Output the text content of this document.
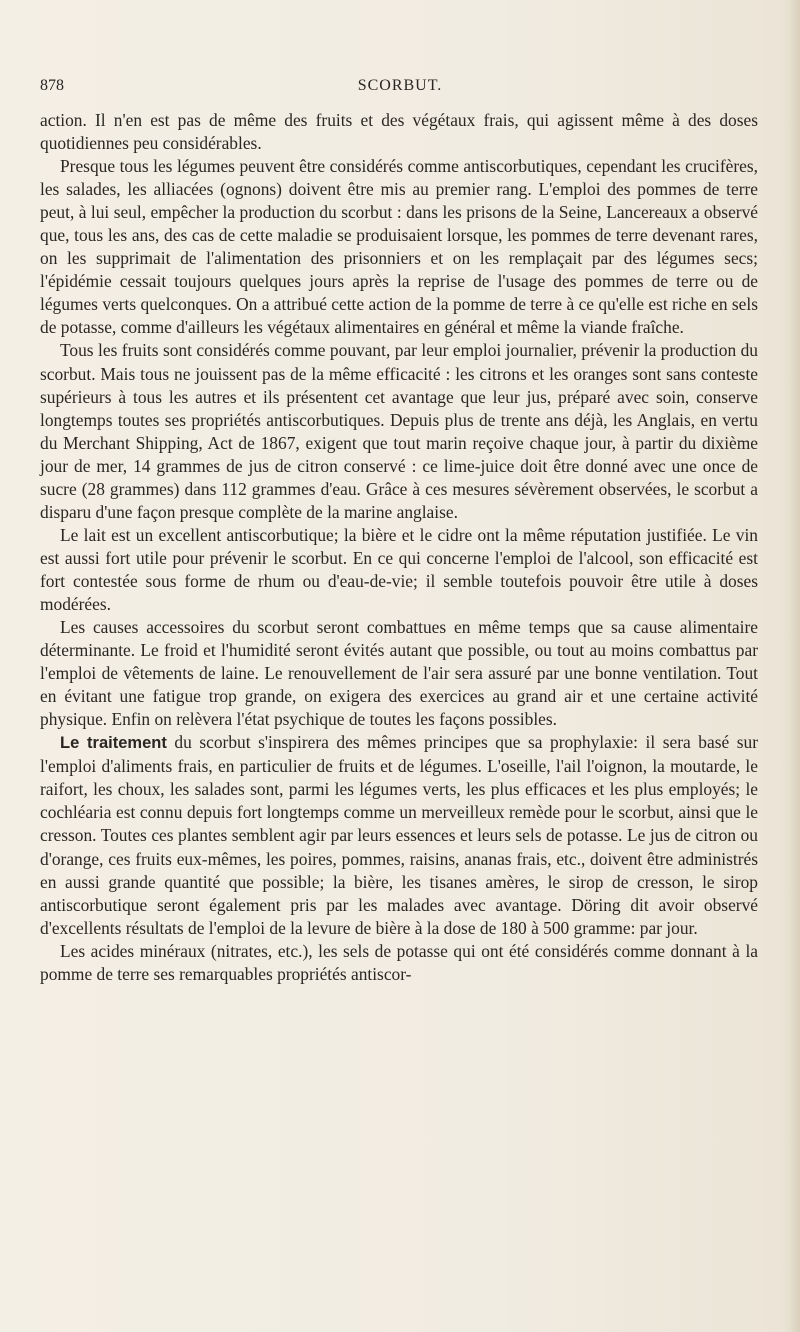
878	SCORBUT.

action. Il n'en est pas de même des fruits et des végétaux frais, qui agissent même à des doses quotidiennes peu considérables.

Presque tous les légumes peuvent être considérés comme antiscorbutiques, cependant les crucifères, les salades, les alliacées (ognons) doivent être mis au premier rang. L'emploi des pommes de terre peut, à lui seul, empêcher la production du scorbut : dans les prisons de la Seine, Lancereaux a observé que, tous les ans, des cas de cette maladie se produisaient lorsque, les pommes de terre devenant rares, on les supprimait de l'alimentation des prisonniers et on les remplaçait par des légumes secs; l'épidémie cessait toujours quelques jours après la reprise de l'usage des pommes de terre ou de légumes verts quelconques. On a attribué cette action de la pomme de terre à ce qu'elle est riche en sels de potasse, comme d'ailleurs les végétaux alimentaires en général et même la viande fraîche.

Tous les fruits sont considérés comme pouvant, par leur emploi journalier, prévenir la production du scorbut. Mais tous ne jouissent pas de la même efficacité : les citrons et les oranges sont sans conteste supérieurs à tous les autres et ils présentent cet avantage que leur jus, préparé avec soin, conserve longtemps toutes ses propriétés antiscorbutiques. Depuis plus de trente ans déjà, les Anglais, en vertu du Merchant Shipping, Act de 1867, exigent que tout marin reçoive chaque jour, à partir du dixième jour de mer, 14 grammes de jus de citron conservé : ce lime-juice doit être donné avec une once de sucre (28 grammes) dans 112 grammes d'eau. Grâce à ces mesures sévèrement observées, le scorbut a disparu d'une façon presque complète de la marine anglaise.

Le lait est un excellent antiscorbutique; la bière et le cidre ont la même réputation justifiée. Le vin est aussi fort utile pour prévenir le scorbut. En ce qui concerne l'emploi de l'alcool, son efficacité est fort contestée sous forme de rhum ou d'eau-de-vie; il semble toutefois pouvoir être utile à doses modérées.

Les causes accessoires du scorbut seront combattues en même temps que sa cause alimentaire déterminante. Le froid et l'humidité seront évités autant que possible, ou tout au moins combattus par l'emploi de vêtements de laine. Le renouvellement de l'air sera assuré par une bonne ventilation. Tout en évitant une fatigue trop grande, on exigera des exercices au grand air et une certaine activité physique. Enfin on relèvera l'état psychique de toutes les façons possibles.

Le traitement du scorbut s'inspirera des mêmes principes que sa prophylaxie: il sera basé sur l'emploi d'aliments frais, en particulier de fruits et de légumes. L'oseille, l'ail l'oignon, la moutarde, le raifort, les choux, les salades sont, parmi les légumes verts, les plus efficaces et les plus employés; le cochléaria est connu depuis fort longtemps comme un merveilleux remède pour le scorbut, ainsi que le cresson. Toutes ces plantes semblent agir par leurs essences et leurs sels de potasse. Le jus de citron ou d'orange, ces fruits eux-mêmes, les poires, pommes, raisins, ananas frais, etc., doivent être administrés en aussi grande quantité que possible; la bière, les tisanes amères, le sirop de cresson, le sirop antiscorbutique seront également pris par les malades avec avantage. Döring dit avoir observé d'excellents résultats de l'emploi de la levure de bière à la dose de 180 à 500 gramme: par jour.

Les acides minéraux (nitrates, etc.), les sels de potasse qui ont été considérés comme donnant à la pomme de terre ses remarquables propriétés antiscor-
